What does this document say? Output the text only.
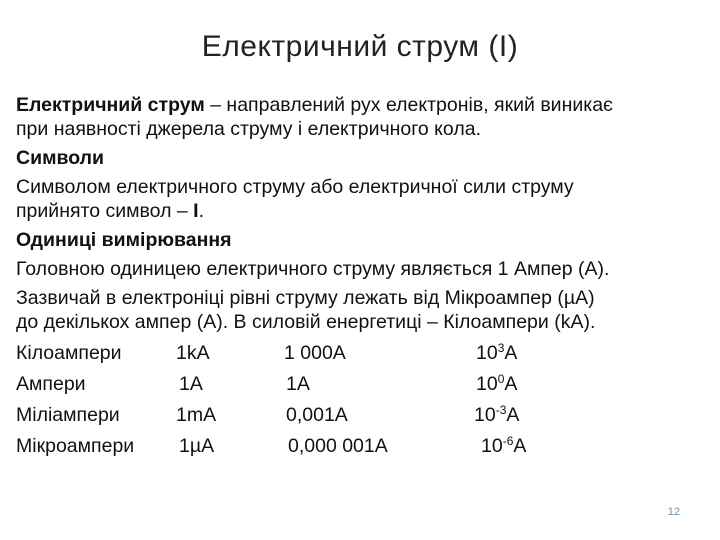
Електричний струм (І)
Електричний струм – направлений рух електронів, який виникає
при наявності джерела струму і електричного кола.
Символи
Символом електричного струму або електричної сили струму
прийнято символ – I.
Одиниці вимірювання
Головною одиницею електричного струму являється 1 Ампер (А).
Зазвичай в електроніці рівні струму лежать від Мікроампер (µА)
до декількох ампер (А). В силовій енергетиці – Кілоампери (kА).
Кілоампери	1kА	1 000А	$10^3А$
Ампери	1А	1А	$10^0А$
Міліампери	1mА	0,001А	$10^{-3}А$
Мікроампери 1µА	0,000 001А	$10^{-6}А$
12
